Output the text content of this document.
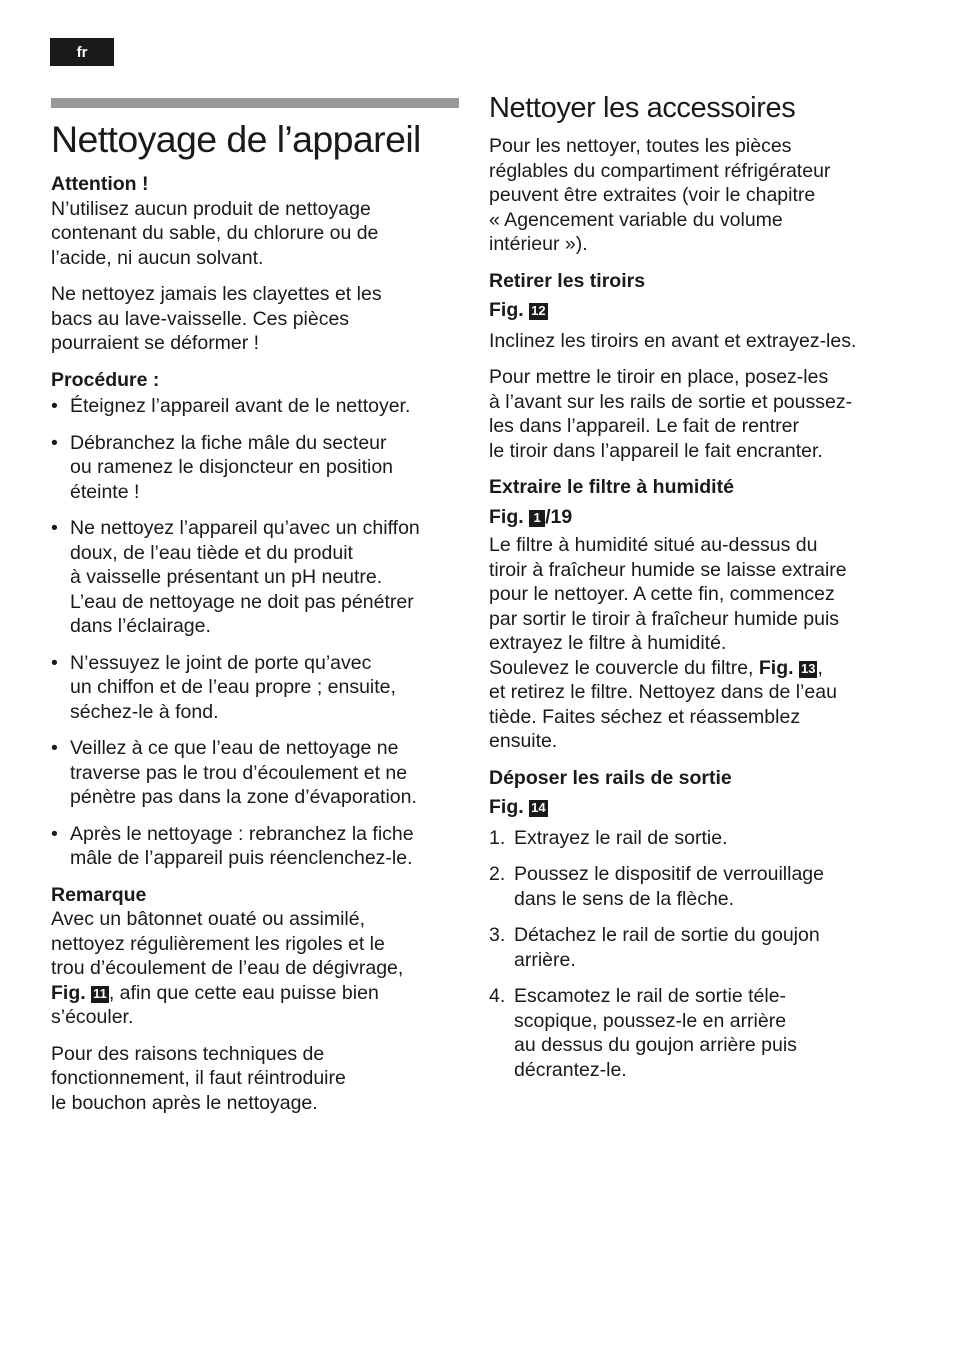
fr
Nettoyage de l’appareil

Attention !

N’utilisez aucun produit de nettoyage
contenant du sable, du chlorure ou de
l’acide, ni aucun solvant.

Ne nettoyez jamais les clayettes et les
bacs au lave-vaisselle. Ces pièces
pourraient se déformer !

Procédure :

• Éteignez l’appareil avant de le nettoyer.
• Débranchez la fiche mâle du secteur
ou ramenez le disjoncteur en position
éteinte !
• Ne nettoyez l’appareil qu’avec un chiffon
doux, de l’eau tiède et du produit
à vaisselle présentant un pH neutre.
L’eau de nettoyage ne doit pas pénétrer
dans l’éclairage.
• N’essuyez le joint de porte qu’avec
un chiffon et de l’eau propre ; ensuite,
séchez-le à fond.
• Veillez à ce que l’eau de nettoyage ne
traverse pas le trou d’écoulement et ne
pénètre pas dans la zone d’évaporation.
• Après le nettoyage : rebranchez la fiche
mâle de l’appareil puis réenclenchez-le.

Remarque

Avec un bâtonnet ouaté ou assimilé,
nettoyez régulièrement les rigoles et le
trou d’écoulement de l’eau de dégivrage,
Fig. 11 , afin que cette eau puisse bien
s’écouler.

Pour des raisons techniques de
fonctionnement, il faut réintroduire
le bouchon après le nettoyage.

Nettoyer les accessoires

Pour les nettoyer, toutes les pièces
réglables du compartiment réfrigérateur
peuvent être extraites (voir le chapitre
« Agencement variable du volume
intérieur »).

Retirer les tiroirs

Fig. 12

Inclinez les tiroirs en avant et extrayez-les.

Pour mettre le tiroir en place, posez-les
à l’avant sur les rails de sortie et poussez-
les dans l’appareil. Le fait de rentrer
le tiroir dans l’appareil le fait encranter.

Extraire le filtre à humidité

Fig. 1 /19

Le filtre à humidité situé au-dessus du
tiroir à fraîcheur humide se laisse extraire
pour le nettoyer. A cette fin, commencez
par sortir le tiroir à fraîcheur humide puis
extrayez le filtre à humidité.
Soulevez le couvercle du filtre, Fig. 13 ,
et retirez le filtre. Nettoyez dans de l’eau
tiède. Faites séchez et réassemblez
ensuite.

Déposer les rails de sortie

Fig. 14

1. Extrayez le rail de sortie.
2. Poussez le dispositif de verrouillage
dans le sens de la flèche.
3. Détachez le rail de sortie du goujon
arrière.
4. Escamotez le rail de sortie téle-
scopique, poussez-le en arrière
au dessus du goujon arrière puis
décrantez-le.
